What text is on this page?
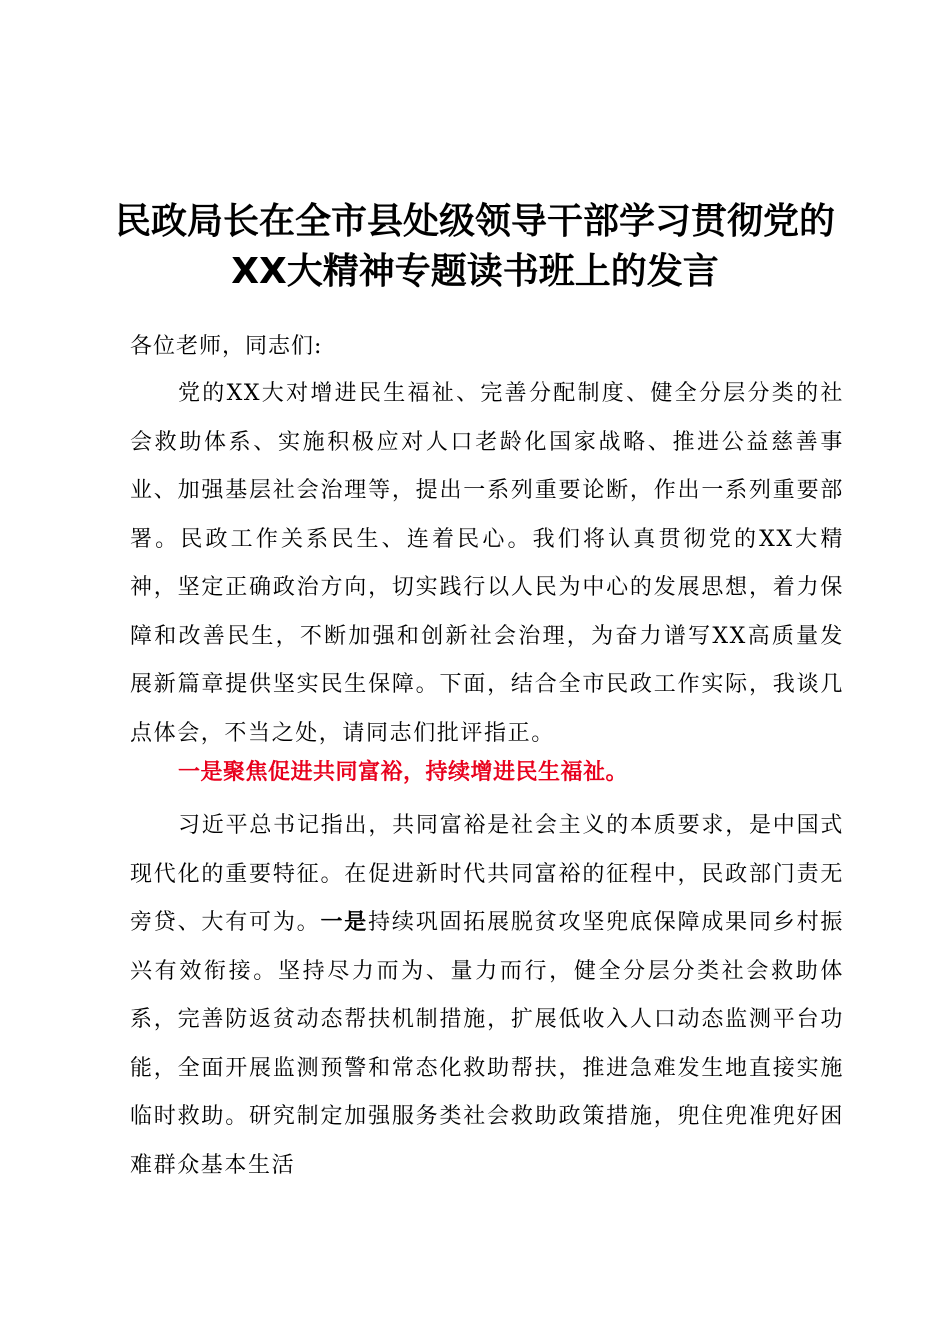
民政局长在全市县处级领导干部学习贯彻党的
XX大精神专题读书班上的发言
各位老师，同志们:
党的XX大对增进民生福祉、完善分配制度、健全分层分类的社会救助体系、实施积极应对人口老龄化国家战略、推进公益慈善事业、加强基层社会治理等，提出一系列重要论断，作出一系列重要部署。民政工作关系民生、连着民心。我们将认真贯彻党的XX大精神，坚定正确政治方向，切实践行以人民为中心的发展思想，着力保障和改善民生，不断加强和创新社会治理，为奋力谱写XX高质量发展新篇章提供坚实民生保障。下面，结合全市民政工作实际，我谈几点体会，不当之处，请同志们批评指正。
一是聚焦促进共同富裕，持续增进民生福祉。
习近平总书记指出，共同富裕是社会主义的本质要求，是中国式现代化的重要特征。在促进新时代共同富裕的征程中，民政部门责无旁贷、大有可为。一是持续巩固拓展脱贫攻坚兜底保障成果同乡村振兴有效衔接。坚持尽力而为、量力而行，健全分层分类社会救助体系，完善防返贫动态帮扶机制措施，扩展低收入人口动态监测平台功能，全面开展监测预警和常态化救助帮扶，推进急难发生地直接实施临时救助。研究制定加强服务类社会救助政策措施，兜住兜准兜好困难群众基本生活
